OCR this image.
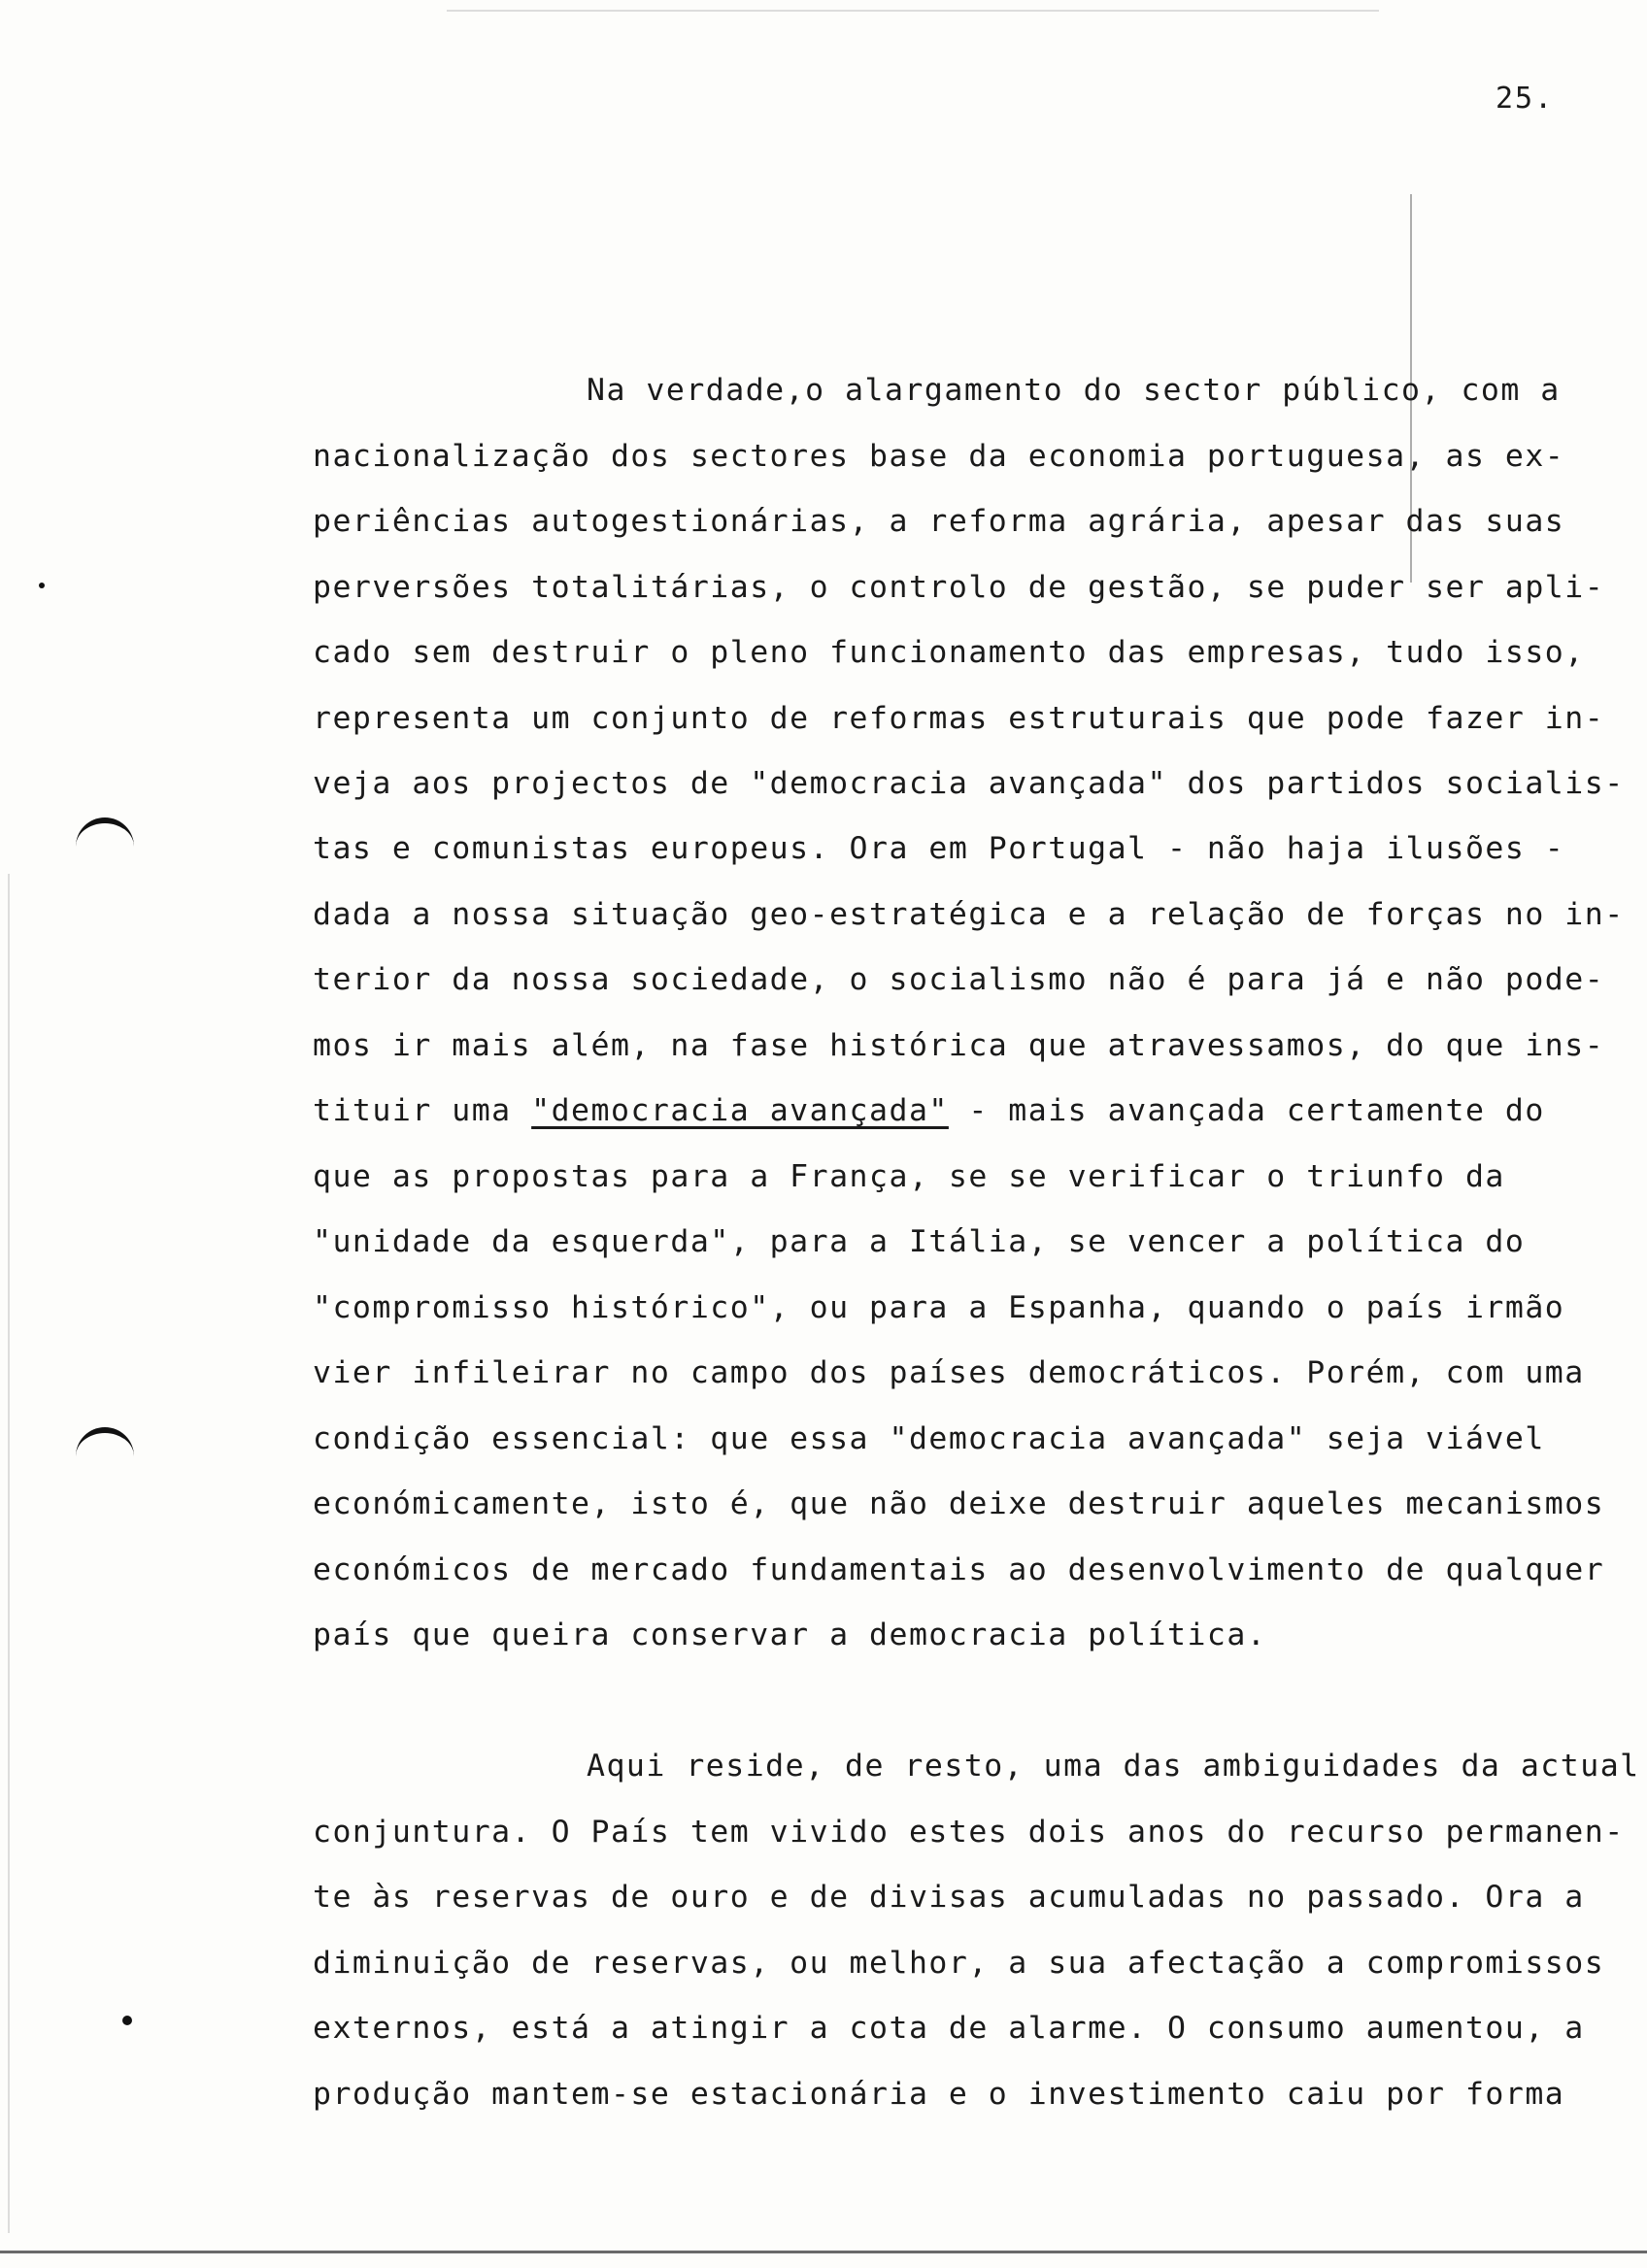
25.
Na verdade,o alargamento do sector público, com a
nacionalização dos sectores base da economia portuguesa, as ex-
periências autogestionárias, a reforma agrária, apesar das suas
perversões totalitárias, o controlo de gestão, se puder ser apli-
cado sem destruir o pleno funcionamento das empresas, tudo isso,
representa um conjunto de reformas estruturais que pode fazer in-
veja aos projectos de "democracia avançada" dos partidos socialis-
tas e comunistas europeus. Ora em Portugal - não haja ilusões -
dada a nossa situação geo-estratégica e a relação de forças no in-
terior da nossa sociedade, o socialismo não é para já e não pode-
mos ir mais além, na fase histórica que atravessamos, do que ins-
tituir uma "democracia avançada" - mais avançada certamente do
que as propostas para a França, se se verificar o triunfo da
"unidade da esquerda", para a Itália, se vencer a política do
"compromisso histórico", ou para a Espanha, quando o país irmão
vier infileirar no campo dos países democráticos. Porém, com uma
condição essencial: que essa "democracia avançada" seja viável
económicamente, isto é, que não deixe destruir aqueles mecanismos
económicos de mercado fundamentais ao desenvolvimento de qualquer
país que queira conservar a democracia política.
Aqui reside, de resto, uma das ambiguidades da actual
conjuntura. O País tem vivido estes dois anos do recurso permanen-
te às reservas de ouro e de divisas acumuladas no passado. Ora a
diminuição de reservas, ou melhor, a sua afectação a compromissos
externos, está a atingir a cota de alarme. O consumo aumentou, a
produção mantem-se estacionária e o investimento caiu por forma
